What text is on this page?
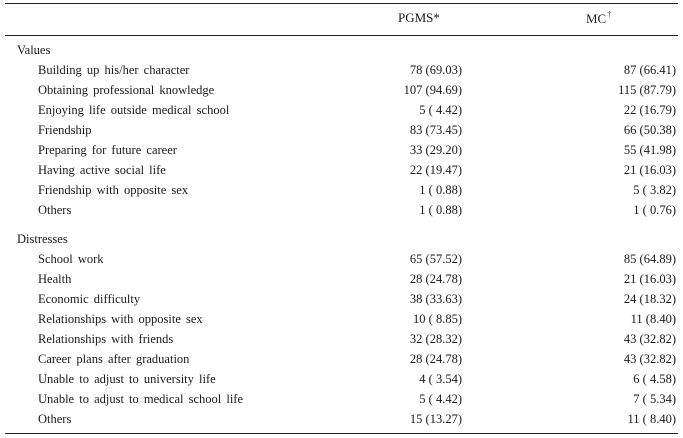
PGMS*	MC†
Values
Building up his/her character	78 (69.03)	87 (66.41)
Obtaining professional knowledge	107 (94.69)	115 (87.79)
Enjoying life outside medical school	5 ( 4.42)	22 (16.79)
Friendship	83 (73.45)	66 (50.38)
Preparing for future career	33 (29.20)	55 (41.98)
Having active social life	22 (19.47)	21 (16.03)
Friendship with opposite sex	1 ( 0.88)	5 ( 3.82)
Others	1 ( 0.88)	1 ( 0.76)
Distresses
School work	65 (57.52)	85 (64.89)
Health	28 (24.78)	21 (16.03)
Economic difficulty	38 (33.63)	24 (18.32)
Relationships with opposite sex	10 ( 8.85)	11 (8.40)
Relationships with friends	32 (28.32)	43 (32.82)
Career plans after graduation	28 (24.78)	43 (32.82)
Unable to adjust to university life	4 ( 3.54)	6 ( 4.58)
Unable to adjust to medical school life	5 ( 4.42)	7 ( 5.34)
Others	15 (13.27)	11 ( 8.40)
